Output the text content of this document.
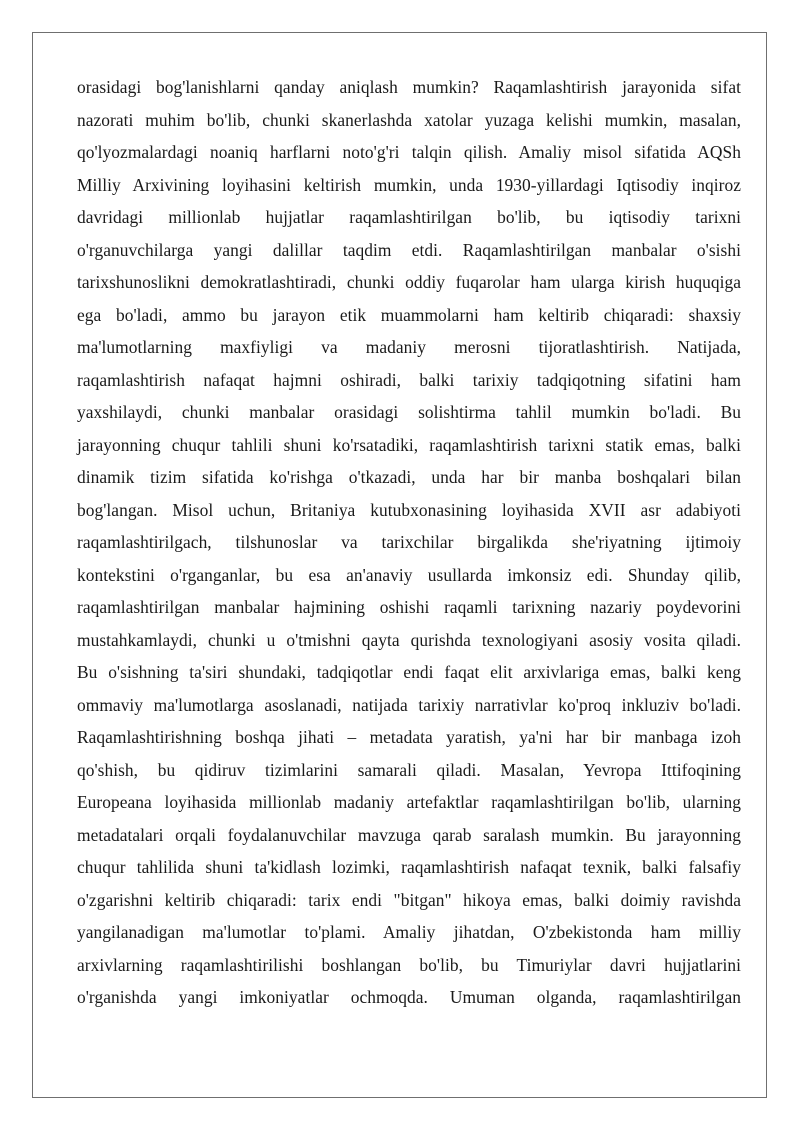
orasidagi bog'lanishlarni qanday aniqlash mumkin? Raqamlashtirish jarayonida sifat
nazorati muhim bo'lib, chunki skanerlashda xatolar yuzaga kelishi mumkin, masalan,
qo'lyozmalardagi noaniq harflarni noto'g'ri talqin qilish. Amaliy misol sifatida AQSh
Milliy Arxivining loyihasini keltirish mumkin, unda 1930-yillardagi Iqtisodiy inqiroz
davridagi millionlab hujjatlar raqamlashtirilgan bo'lib, bu iqtisodiy tarixni
o'rganuvchilarga yangi dalillar taqdim etdi. Raqamlashtirilgan manbalar o'sishi
tarixshunoslikni demokratlashtiradi, chunki oddiy fuqarolar ham ularga kirish huquqiga
ega bo'ladi, ammo bu jarayon etik muammolarni ham keltirib chiqaradi: shaxsiy
ma'lumotlarning maxfiyligi va madaniy merosni tijoratlashtirish. Natijada,
raqamlashtirish nafaqat hajmni oshiradi, balki tarixiy tadqiqotning sifatini ham
yaxshilaydi, chunki manbalar orasidagi solishtirma tahlil mumkin bo'ladi. Bu
jarayonning chuqur tahlili shuni ko'rsatadiki, raqamlashtirish tarixni statik emas, balki
dinamik tizim sifatida ko'rishga o'tkazadi, unda har bir manba boshqalari bilan
bog'langan. Misol uchun, Britaniya kutubxonasining loyihasida XVII asr adabiyoti
raqamlashtirilgach, tilshunoslar va tarixchilar birgalikda she'riyatning ijtimoiy
kontekstini o'rganganlar, bu esa an'anaviy usullarda imkonsiz edi. Shunday qilib,
raqamlashtirilgan manbalar hajmining oshishi raqamli tarixning nazariy poydevorini
mustahkamlaydi, chunki u o'tmishni qayta qurishda texnologiyani asosiy vosita qiladi.
Bu o'sishning ta'siri shundaki, tadqiqotlar endi faqat elit arxivlariga emas, balki keng
ommaviy ma'lumotlarga asoslanadi, natijada tarixiy narrativlar ko'proq inkluziv bo'ladi.
Raqamlashtirishning boshqa jihati – metadata yaratish, ya'ni har bir manbaga izoh
qo'shish, bu qidiruv tizimlarini samarali qiladi. Masalan, Yevropa Ittifoqining
Europeana loyihasida millionlab madaniy artefaktlar raqamlashtirilgan bo'lib, ularning
metadatalari orqali foydalanuvchilar mavzuga qarab saralash mumkin. Bu jarayonning
chuqur tahlilida shuni ta'kidlash lozimki, raqamlashtirish nafaqat texnik, balki falsafiy
o'zgarishni keltirib chiqaradi: tarix endi "bitgan" hikoya emas, balki doimiy ravishda
yangilanadigan ma'lumotlar to'plami. Amaliy jihatdan, O'zbekistonda ham milliy
arxivlarning raqamlashtirilishi boshlangan bo'lib, bu Timuriylar davri hujjatlarini
o'rganishda yangi imkoniyatlar ochmoqda. Umuman olganda, raqamlashtirilgan
